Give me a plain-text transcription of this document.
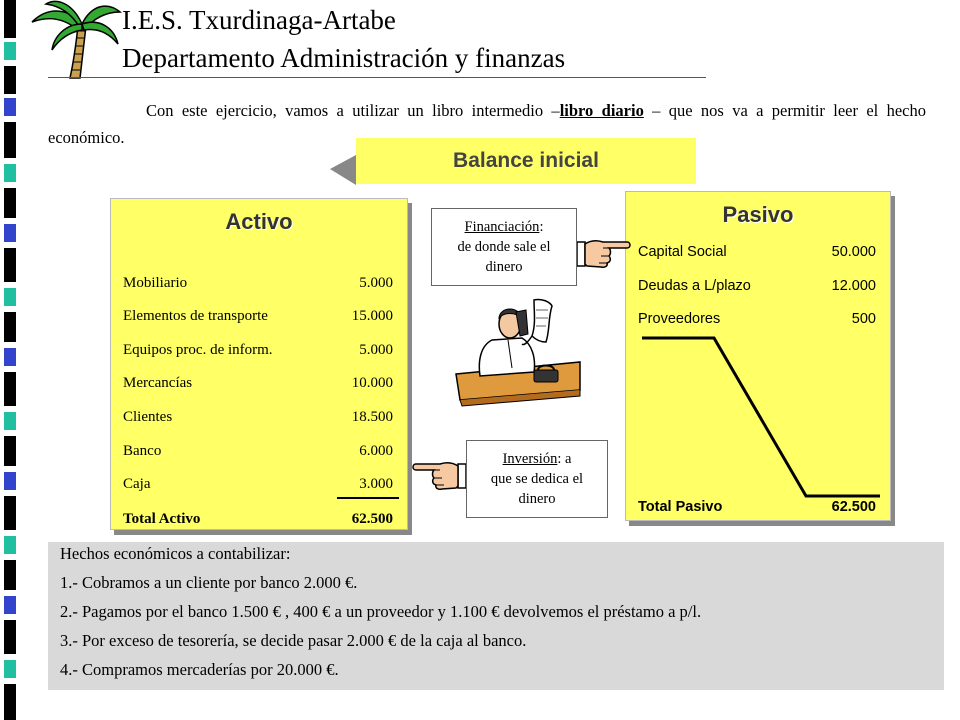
I.E.S. Txurdinaga-Artabe
Departamento Administración y finanzas

Con este ejercicio, vamos a utilizar un libro intermedio –libro diario – que nos va a permitir leer el hecho económico.

Balance inicial
Activo
Mobiliario	5.000
Elementos de transporte	15.000
Equipos proc. de inform.	5.000
Mercancías	10.000
Clientes	18.500
Banco	6.000
Caja	3.000
Total Activo	62.500
Pasivo
Capital Social	50.000
Deudas a L/plazo	12.000
Proveedores	500
Total Pasivo	62.500
Financiación:
de donde sale el
dinero
Inversión: a
que se dedica el
dinero
Hechos económicos a contabilizar:
1.- Cobramos a un cliente por banco 2.000 €.
2.- Pagamos por el banco 1.500 € , 400 € a un proveedor y 1.100 € devolvemos el préstamo a p/l.
3.- Por exceso de tesorería, se decide pasar 2.000 € de la caja al banco.
4.- Compramos mercaderías por 20.000 €.
